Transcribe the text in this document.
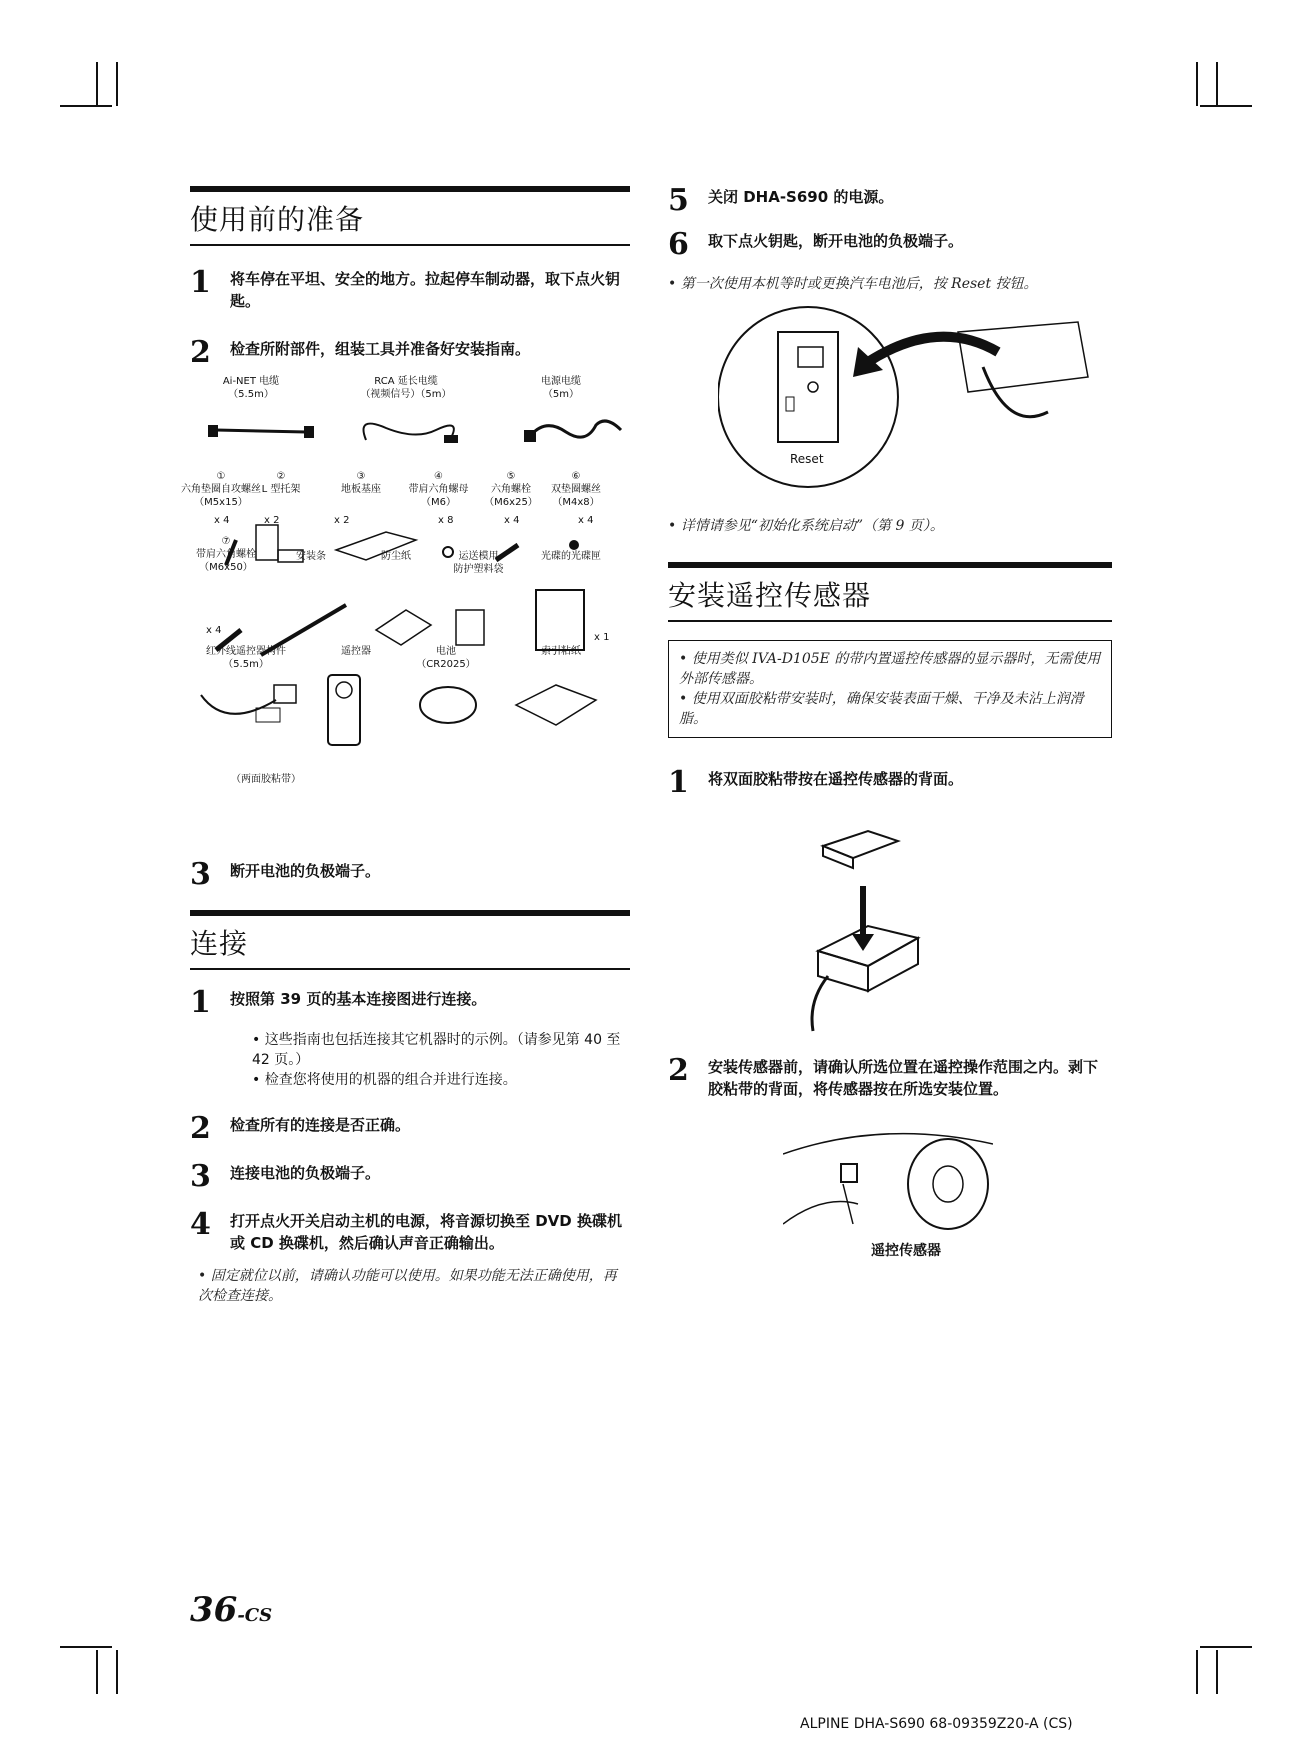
使用前的准备
1	将车停在平坦、安全的地方。拉起停车制动器，取下点火钥匙。
2	检查所附部件，组装工具并准备好安装指南。
Ai-NET 电缆
（5.5m）
RCA 延长电缆
（视频信号）（5m）
电源电缆
（5m）
①
六角垫圈自攻螺丝
（M5x15）
②
L 型托架
③
地板基座
④
带肩六角螺母
（M6）
⑤
六角螺栓
（M6x25）
⑥
双垫圈螺丝
（M4x8）
x 4	x 2	x 2	x 8	x 4	x 4
⑦
带肩六角螺栓
（M6x50）
安装条	防尘纸	运送模用
防护塑料袋
光碟的光碟匣
x 4
x 1
红外线遥控器构件
（5.5m）
遥控器	电池
（CR2025）
索引粘纸
（两面胶粘带）
3	断开电池的负极端子。
连接
1	按照第 39 页的基本连接图进行连接。
• 这些指南也包括连接其它机器时的示例。（请参见第 40 至 42 页。）
• 检查您将使用的机器的组合并进行连接。
2	检查所有的连接是否正确。
3	连接电池的负极端子。
4	打开点火开关启动主机的电源，将音源切换至 DVD 换碟机或 CD 换碟机，然后确认声音正确输出。
• 固定就位以前，请确认功能可以使用。如果功能无法正确使用，再次检查连接。
5	关闭 DHA-S690 的电源。
6	取下点火钥匙，断开电池的负极端子。
• 第一次使用本机等时或更换汽车电池后，按 Reset 按钮。
Reset
• 详情请参见“初始化系统启动”（第 9 页）。
安装遥控传感器
• 使用类似 IVA-D105E 的带内置遥控传感器的显示器时，无需使用外部传感器。
• 使用双面胶粘带安装时，确保安装表面干燥、干净及未沾上润滑脂。
1	将双面胶粘带按在遥控传感器的背面。
2	安装传感器前，请确认所选位置在遥控操作范围之内。剥下胶粘带的背面，将传感器按在所选安装位置。
遥控传感器
36-CS
ALPINE DHA-S690 68-09359Z20-A (CS)
